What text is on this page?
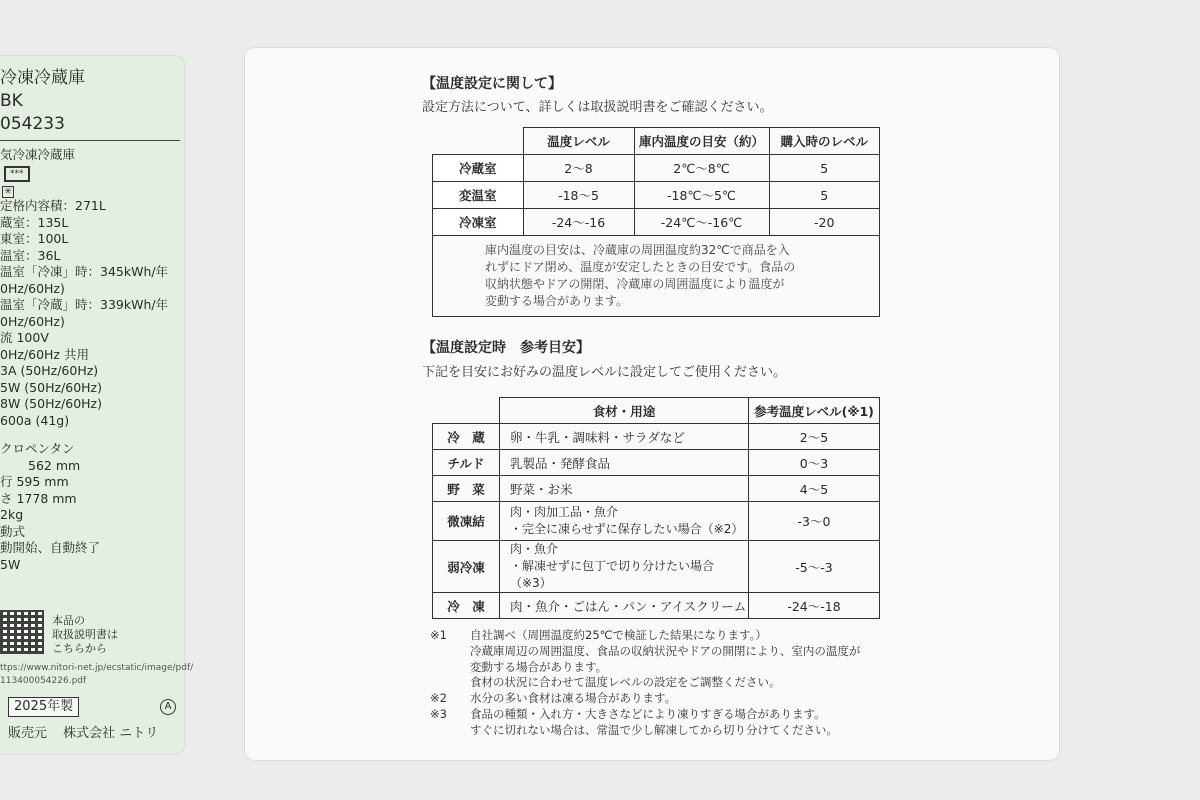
冷凍冷蔵庫
BK
054233
気冷凍冷蔵庫
***
✳
定格内容積：271L
蔵室：135L
東室：100L
温室：36L
温室「冷凍」時：345kWh/年
0Hz/60Hz)
温室「冷蔵」時：339kWh/年
0Hz/60Hz)
流 100V
0Hz/60Hz 共用
3A (50Hz/60Hz)
5W (50Hz/60Hz)
8W (50Hz/60Hz)
600a (41g)
クロペンタン
562 mm
行 595 mm
さ 1778 mm
2kg
動式
動開始、自動終了
5W
本品の
取扱説明書は
こちらから
ttps://www.nitori-net.jp/ecstatic/image/pdf/
113400054226.pdf
2025年製	A
販売元 株式会社 ニトリ
【温度設定に関して】
設定方法について、詳しくは取扱説明書をご確認ください。
	温度レベル	庫内温度の目安（約）	購入時のレベル
冷蔵室	2～8	2℃～8℃	5
変温室	-18～5	-18℃～5℃	5
冷凍室	-24～-16	-24℃～-16℃	-20

庫内温度の目安は、冷蔵庫の周囲温度約32℃で商品を入
れずにドア閉め、温度が安定したときの目安です。食品の
収納状態やドアの開閉、冷蔵庫の周囲温度により温度が
変動する場合があります。			
【温度設定時　参考目安】
下記を目安にお好みの温度レベルに設定してご使用ください。
	食材・用途	参考温度レベル(※1)
冷　蔵	卵・牛乳・調味料・サラダなど	2～5
チルド	乳製品・発酵食品	0～3
野　菜	野菜・お米	4～5
微凍結	肉・肉加工品・魚介
・完全に凍らせずに保存したい場合（※2）	-3～0
弱冷凍	肉・魚介
・解凍せずに包丁で切り分けたい場合（※3）	-5～-3
冷　凍	肉・魚介・ごはん・パン・アイスクリーム	-24～-18
※1 自社調べ（周囲温度約25℃で検証した結果になります。）
冷蔵庫周辺の周囲温度、食品の収納状況やドアの開閉により、室内の温度が
変動する場合があります。
食材の状況に合わせて温度レベルの設定をご調整ください。
※2 水分の多い食材は凍る場合があります。
※3 食品の種類・入れ方・大きさなどにより凍りすぎる場合があります。
すぐに切れない場合は、常温で少し解凍してから切り分けてください。
